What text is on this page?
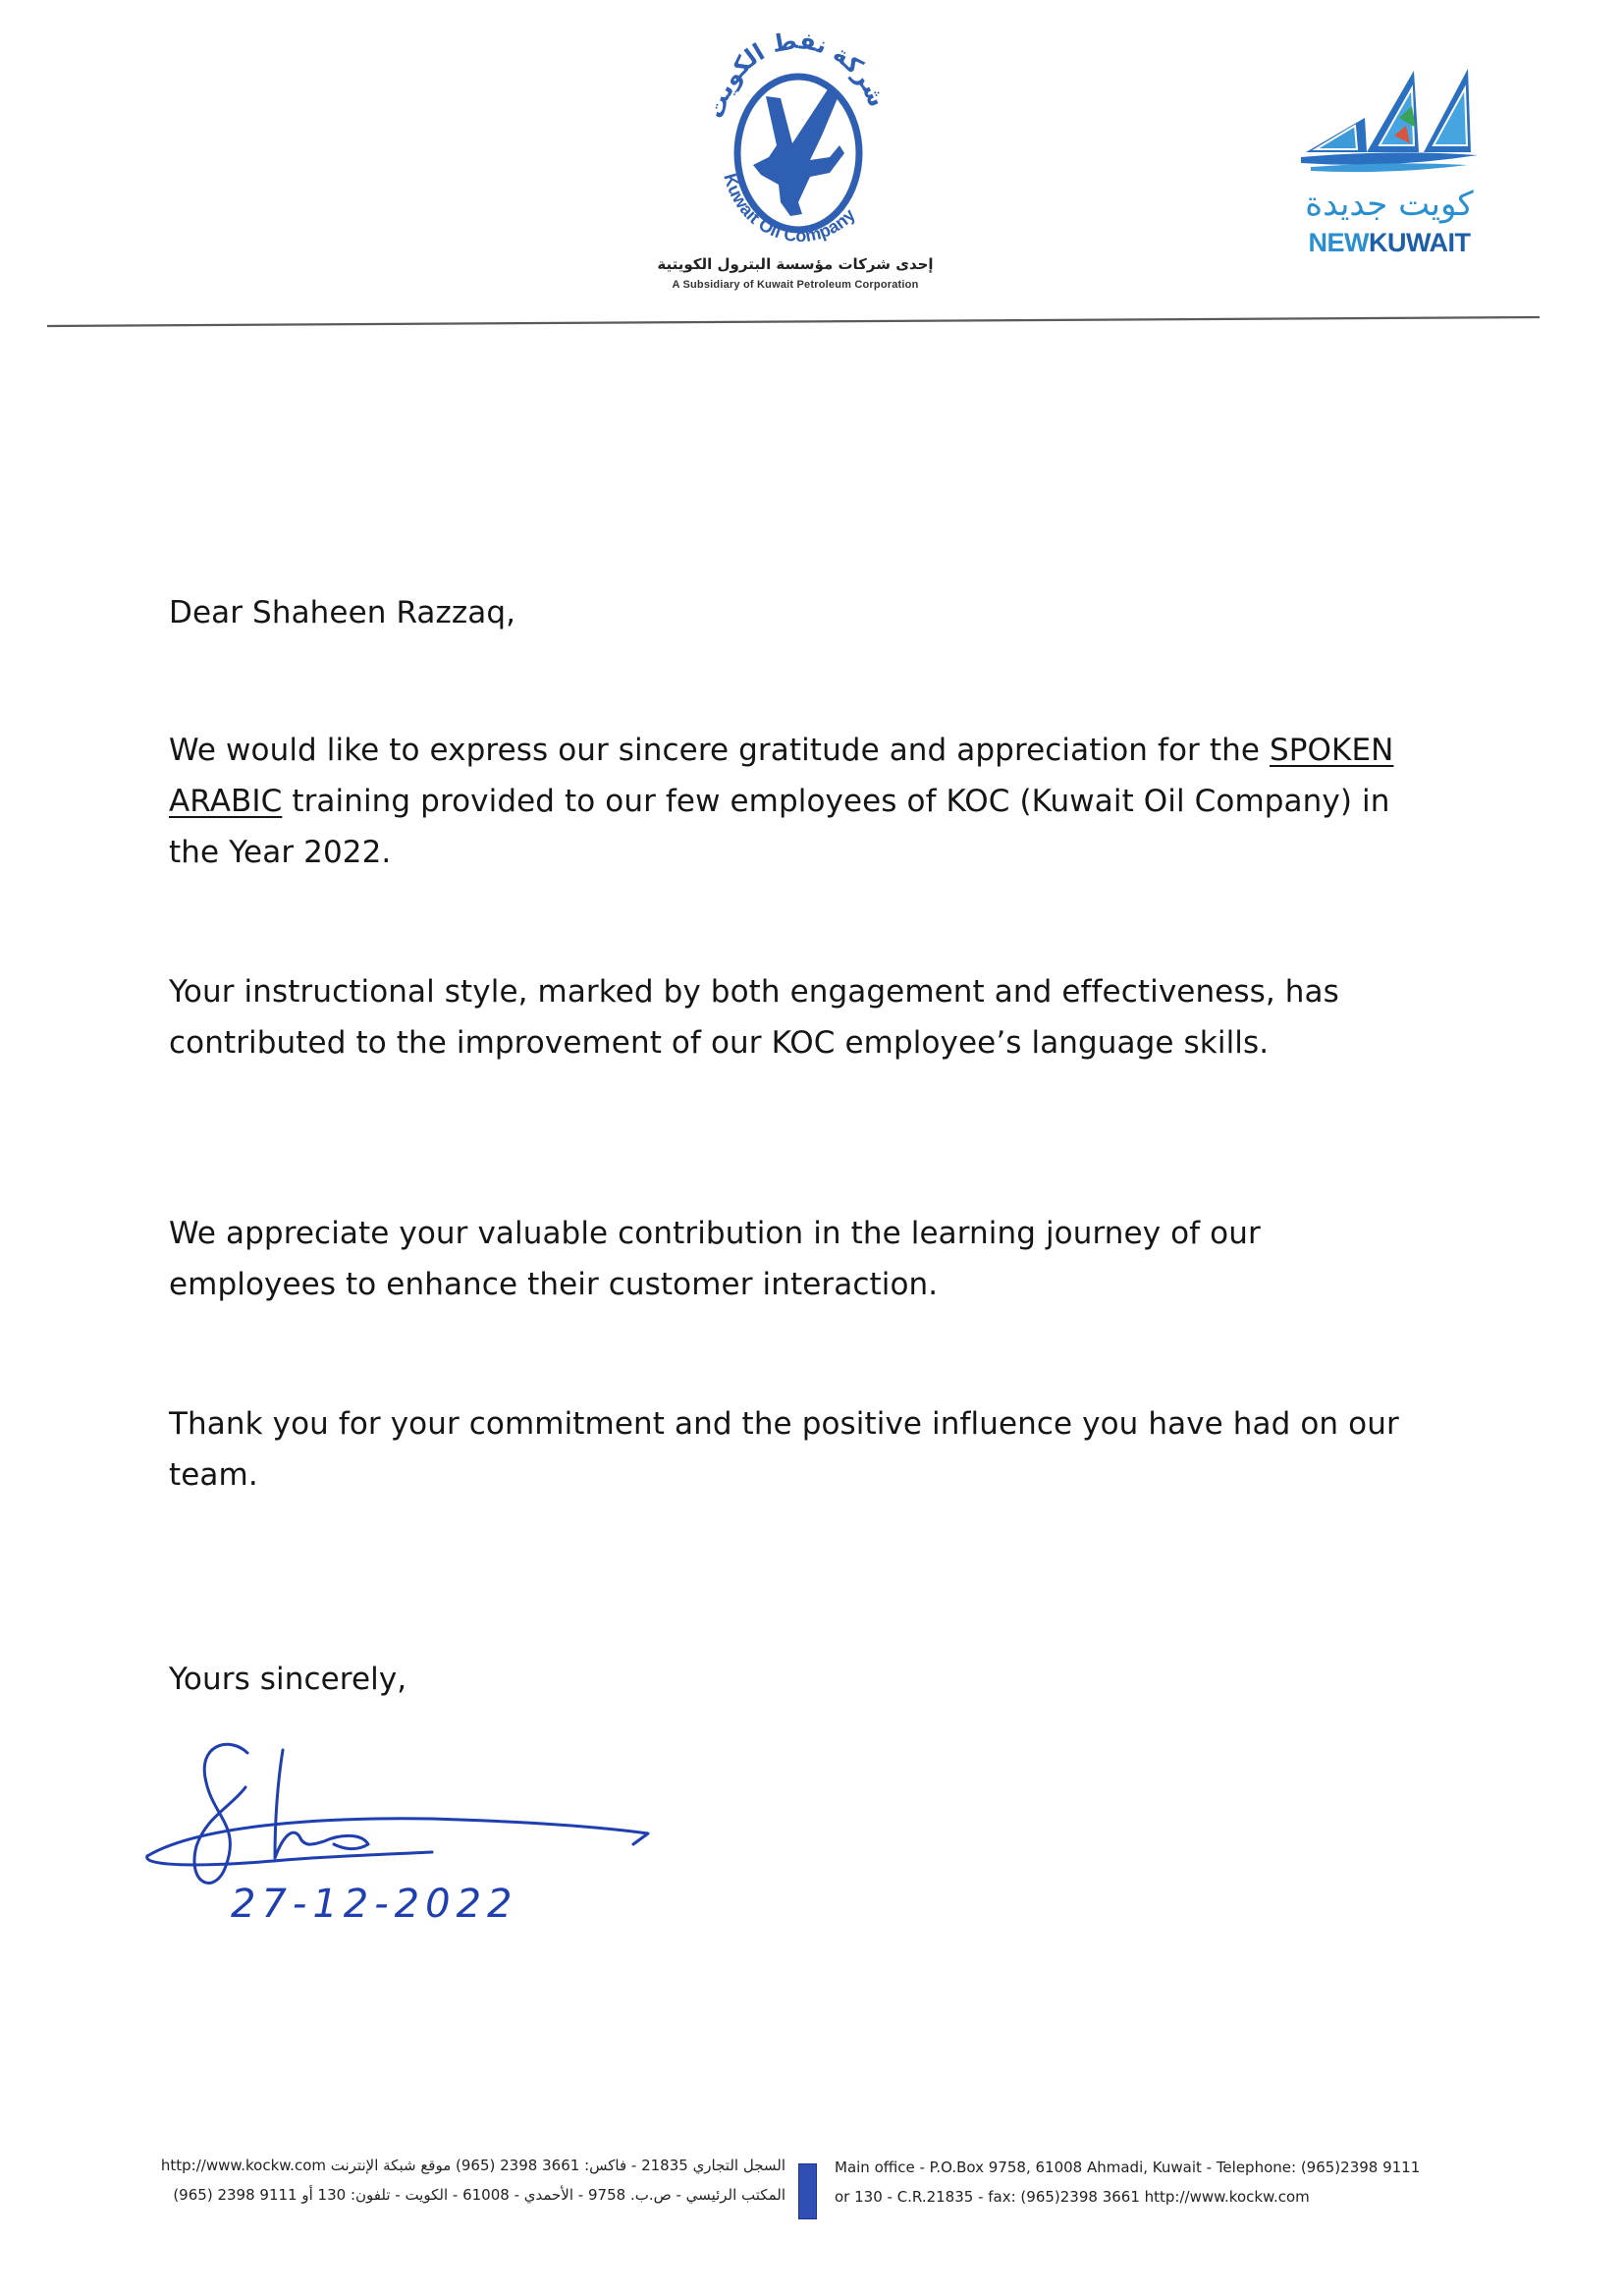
شركة نفط الكويت
Kuwait Oil Company
إحدى شركات مؤسسة البترول الكويتية
A Subsidiary of Kuwait Petroleum Corporation
كويت جديدة
NEWKUWAIT
Dear Shaheen Razzaq,
We would like to express our sincere gratitude and appreciation for the SPOKEN ARABIC training provided to our few employees of KOC (Kuwait Oil Company) in the Year 2022.
Your instructional style, marked by both engagement and effectiveness, has contributed to the improvement of our KOC employee’s language skills.
We appreciate your valuable contribution in the learning journey of our employees to enhance their customer interaction.
Thank you for your commitment and the positive influence you have had on our team.
Yours sincerely,
27-12-2022
السجل التجاري 21835 - فاكس: 3661 2398 (965) موقع شبكة الإنترنت http://www.kockw.com
المكتب الرئيسي - ص.ب. 9758 - الأحمدي - 61008 - الكويت - تلفون: 130 أو 9111 2398 (965)
Main office - P.O.Box 9758, 61008 Ahmadi, Kuwait - Telephone: (965)2398 9111
or 130 - C.R.21835 - fax: (965)2398 3661 http://www.kockw.com
